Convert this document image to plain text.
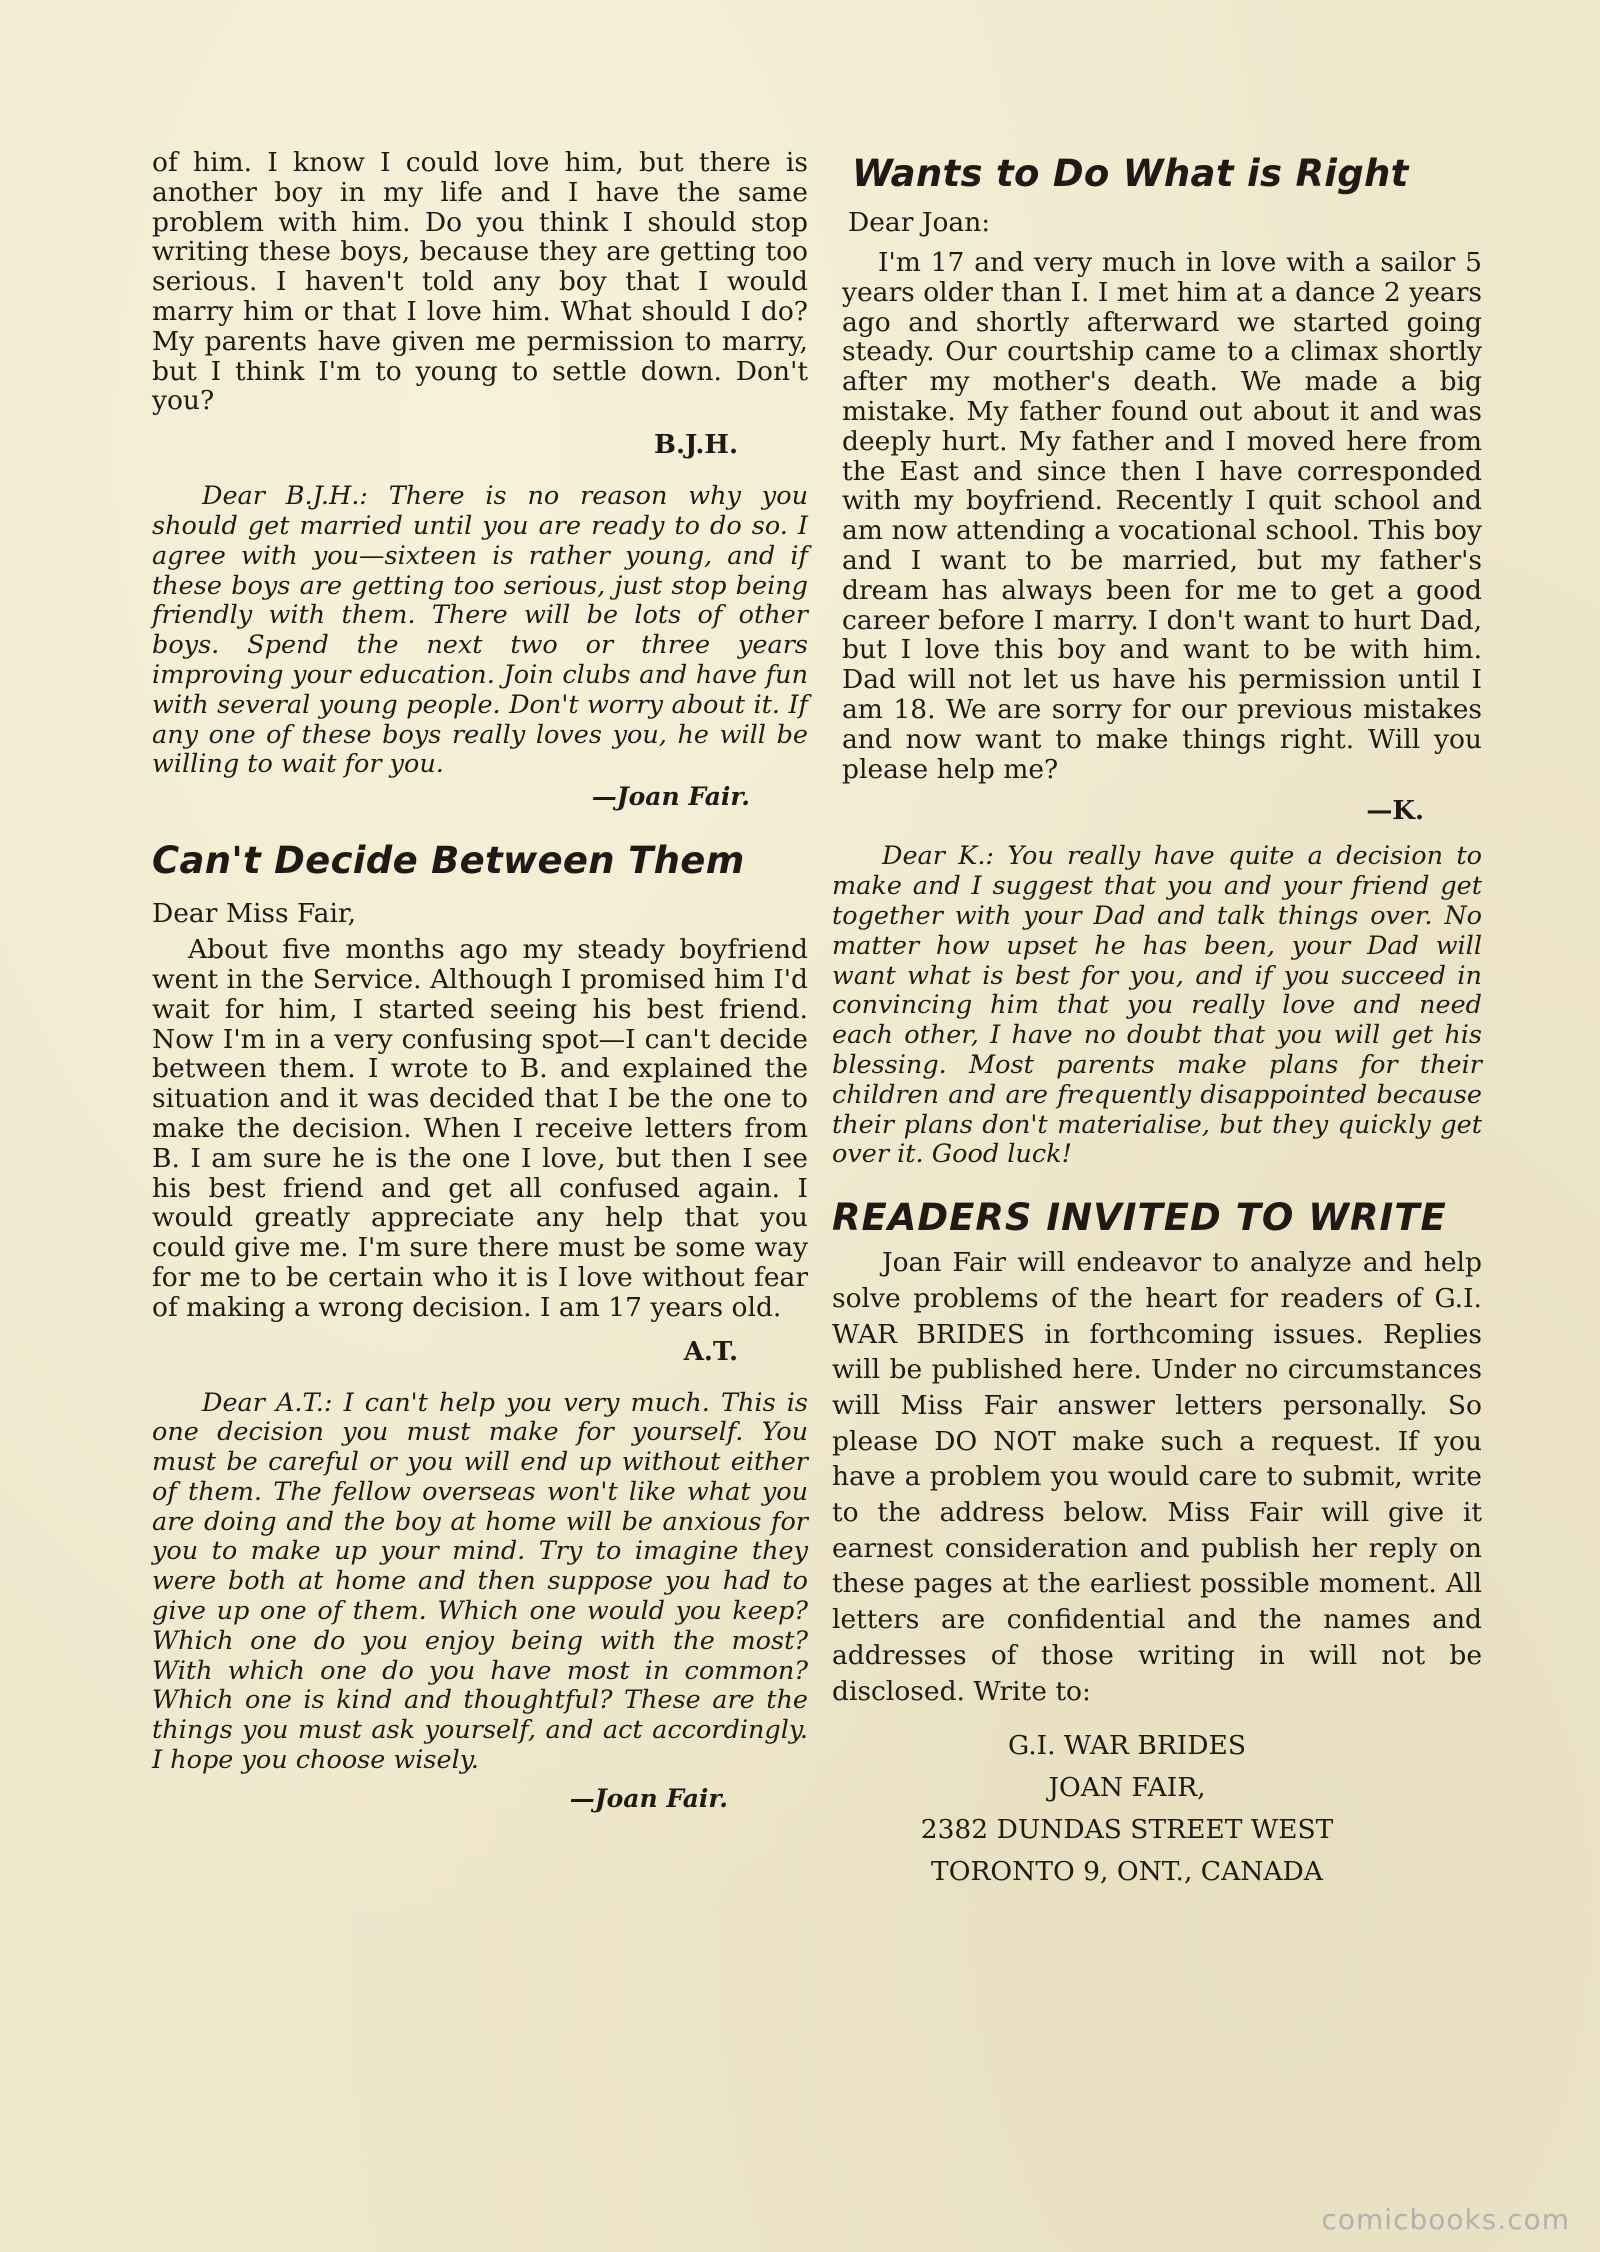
of him. I know I could love him, but there is another boy in my life and I have the same problem with him. Do you think I should stop writing these boys, because they are getting too serious. I haven't told any boy that I would marry him or that I love him. What should I do? My parents have given me permission to marry, but I think I'm to young to settle down. Don't you?

B.J.H.

Dear B.J.H.: There is no reason why you should get married until you are ready to do so. I agree with you—sixteen is rather young, and if these boys are getting too serious, just stop being friendly with them. There will be lots of other boys. Spend the next two or three years improving your education. Join clubs and have fun with several young people. Don't worry about it. If any one of these boys really loves you, he will be willing to wait for you.

—Joan Fair.

Can't Decide Between Them

Dear Miss Fair,

About five months ago my steady boyfriend went in the Service. Although I promised him I'd wait for him, I started seeing his best friend. Now I'm in a very confusing spot—I can't decide between them. I wrote to B. and explained the situation and it was decided that I be the one to make the decision. When I receive letters from B. I am sure he is the one I love, but then I see his best friend and get all confused again. I would greatly appreciate any help that you could give me. I'm sure there must be some way for me to be certain who it is I love without fear of making a wrong decision. I am 17 years old.

A.T.

Dear A.T.: I can't help you very much. This is one decision you must make for yourself. You must be careful or you will end up without either of them. The fellow overseas won't like what you are doing and the boy at home will be anxious for you to make up your mind. Try to imagine they were both at home and then suppose you had to give up one of them. Which one would you keep? Which one do you enjoy being with the most? With which one do you have most in common? Which one is kind and thoughtful? These are the things you must ask yourself, and act accordingly. I hope you choose wisely.

—Joan Fair.

Wants to Do What is Right

Dear Joan:

I'm 17 and very much in love with a sailor 5 years older than I. I met him at a dance 2 years ago and shortly afterward we started going steady. Our courtship came to a climax shortly after my mother's death. We made a big mistake. My father found out about it and was deeply hurt. My father and I moved here from the East and since then I have corresponded with my boyfriend. Recently I quit school and am now attending a vocational school. This boy and I want to be married, but my father's dream has always been for me to get a good career before I marry. I don't want to hurt Dad, but I love this boy and want to be with him. Dad will not let us have his permission until I am 18. We are sorry for our previous mistakes and now want to make things right. Will you please help me?

—K.

Dear K.: You really have quite a decision to make and I suggest that you and your friend get together with your Dad and talk things over. No matter how upset he has been, your Dad will want what is best for you, and if you succeed in convincing him that you really love and need each other, I have no doubt that you will get his blessing. Most parents make plans for their children and are frequently disappointed because their plans don't materialise, but they quickly get over it. Good luck!

READERS INVITED TO WRITE

Joan Fair will endeavor to analyze and help solve problems of the heart for readers of G.I. WAR BRIDES in forthcoming issues. Replies will be published here. Under no circumstances will Miss Fair answer letters personally. So please DO NOT make such a request. If you have a problem you would care to submit, write to the address below. Miss Fair will give it earnest consideration and publish her reply on these pages at the earliest possible moment. All letters are confidential and the names and addresses of those writing in will not be disclosed. Write to:

G.I. WAR BRIDES

JOAN FAIR,

2382 DUNDAS STREET WEST

TORONTO 9, ONT., CANADA

comicbooks.com
